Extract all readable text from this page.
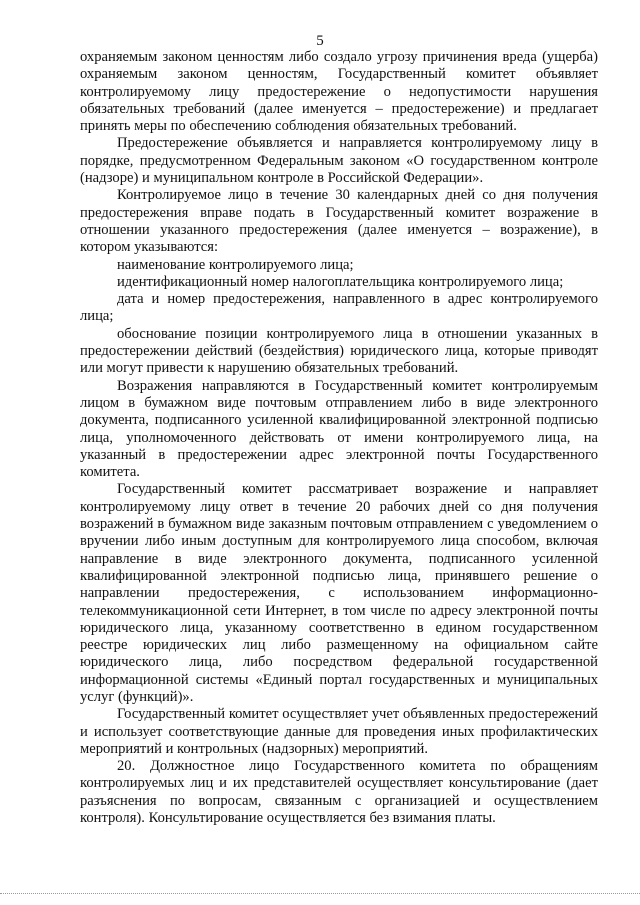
5

охраняемым законом ценностям либо создало угрозу причинения вреда (ущерба) охраняемым законом ценностям, Государственный комитет объявляет контролируемому лицу предостережение о недопустимости нарушения обязательных требований (далее именуется – предостережение) и предлагает принять меры по обеспечению соблюдения обязательных требований.

Предостережение объявляется и направляется контролируемому лицу в порядке, предусмотренном Федеральным законом «О государственном контроле (надзоре) и муниципальном контроле в Российской Федерации».

Контролируемое лицо в течение 30 календарных дней со дня получения предостережения вправе подать в Государственный комитет возражение в отношении указанного предостережения (далее именуется – возражение), в котором указываются:

наименование контролируемого лица;

идентификационный номер налогоплательщика контролируемого лица;

дата и номер предостережения, направленного в адрес контролируемого лица;

обоснование позиции контролируемого лица в отношении указанных в предостережении действий (бездействия) юридического лица, которые приводят или могут привести к нарушению обязательных требований.

Возражения направляются в Государственный комитет контролируемым лицом в бумажном виде почтовым отправлением либо в виде электронного документа, подписанного усиленной квалифицированной электронной подписью лица, уполномоченного действовать от имени контролируемого лица, на указанный в предостережении адрес электронной почты Государственного комитета.

Государственный комитет рассматривает возражение и направляет контролируемому лицу ответ в течение 20 рабочих дней со дня получения возражений в бумажном виде заказным почтовым отправлением с уведомлением о вручении либо иным доступным для контролируемого лица способом, включая направление в виде электронного документа, подписанного усиленной квалифицированной электронной подписью лица, принявшего решение о направлении предостережения, с использованием информационно-телекоммуникационной сети Интернет, в том числе по адресу электронной почты юридического лица, указанному соответственно в едином государственном реестре юридических лиц либо размещенному на официальном сайте юридического лица, либо посредством федеральной государственной информационной системы «Единый портал государственных и муниципальных услуг (функций)».

Государственный комитет осуществляет учет объявленных предостережений и использует соответствующие данные для проведения иных профилактических мероприятий и контрольных (надзорных) мероприятий.

20. Должностное лицо Государственного комитета по обращениям контролируемых лиц и их представителей осуществляет консультирование (дает разъяснения по вопросам, связанным с организацией и осуществлением контроля). Консультирование осуществляется без взимания платы.
